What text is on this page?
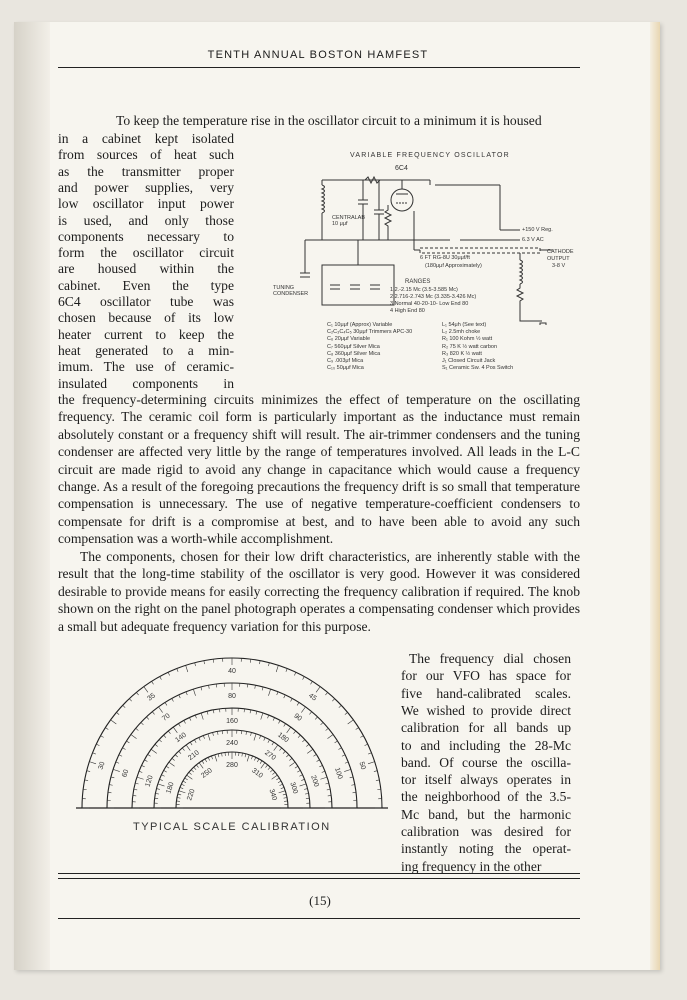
TENTH ANNUAL BOSTON HAMFEST
To keep the temperature rise in the oscillator circuit to a minimum it is housed
in a cabinet kept isolated
from sources of heat such
as the transmitter proper
and power supplies, very
low oscillator input power
is used, and only those
components necessary to
form the oscillator circuit
are housed within the
cabinet. Even the type
6C4 oscillator tube was
chosen because of its low
heater current to keep the
heat generated to a min-
imum. The use of ceramic-
insulated components in
the frequency-determining circuits minimizes the effect of temperature on the oscillating frequency. The ceramic coil form is particularly important as the inductance must remain absolutely constant or a frequency shift will result. The air-trimmer condensers and the tuning condenser are affected very little by the range of temperatures involved. All leads in the L-C circuit are made rigid to avoid any change in capacitance which would cause a frequency change. As a result of the foregoing precautions the frequency drift is so small that temperature compensation is unnecessary. The use of negative temperature-coefficient condensers to compensate for drift is a compromise at best, and to have been able to avoid any such compensation was a worth-while accomplishment.
The components, chosen for their low drift characteristics, are inherently stable with the result that the long-time stability of the oscillator is very good. However it was considered desirable to provide means for easily correcting the frequency calibration if required. The knob shown on the right on the panel photograph operates a compensating condenser which provides a small but adequate frequency variation for this purpose.
The frequency dial chosen
for our VFO has space for
five hand-calibrated scales.
We wished to provide direct
calibration for all bands up
to and including the 28-Mc
band. Of course the oscilla-
tor itself always operates in
the neighborhood of the 3.5-
Mc band, but the harmonic
calibration was desired for
instantly noting the operat-
ing frequency in the other
VARIABLE FREQUENCY OSCILLATOR
6C4
+150 V Reg.
6.3 V AC
CATHODE
OUTPUT
3-8 V
6 FT RG-8U 30μμf/ft
(180μμf Approximately)
CENTRALAB 10 μμf
TUNING CONDENSER
RANGES
1 2.-2.15 Mc (3.5-3.585 Mc)
2 2.716-2.743 Mc (3.335-3.426 Mc)
3 Normal 40-20-10- Low End 80
4 High End 80
C₁ 10μμf (Approx) Variable
C₂C₃C₄C₅ 30μμf Trimmers APC-30
C₆ 20μμf Variable
C₇ 560μμf Silver Mica
C₈ 360μμf Silver Mica
C₉ .003μf Mica
C₁₀ 50μμf Mica
L₁ 54μh (See text)
L₂ 2.5mh choke
R₁ 100 Kohm ½ watt
R₂ 75 K ½ watt carbon
R₃ 820 K ½ watt
J₁ Closed Circuit Jack
S₁ Ceramic Sw. 4 Pos Switch
30
35
40
45
50
60
70
80
90
100
120
140
160
180
200
180
210
240
270
300
220
250
280
310
340
TYPICAL SCALE CALIBRATION
(15)
